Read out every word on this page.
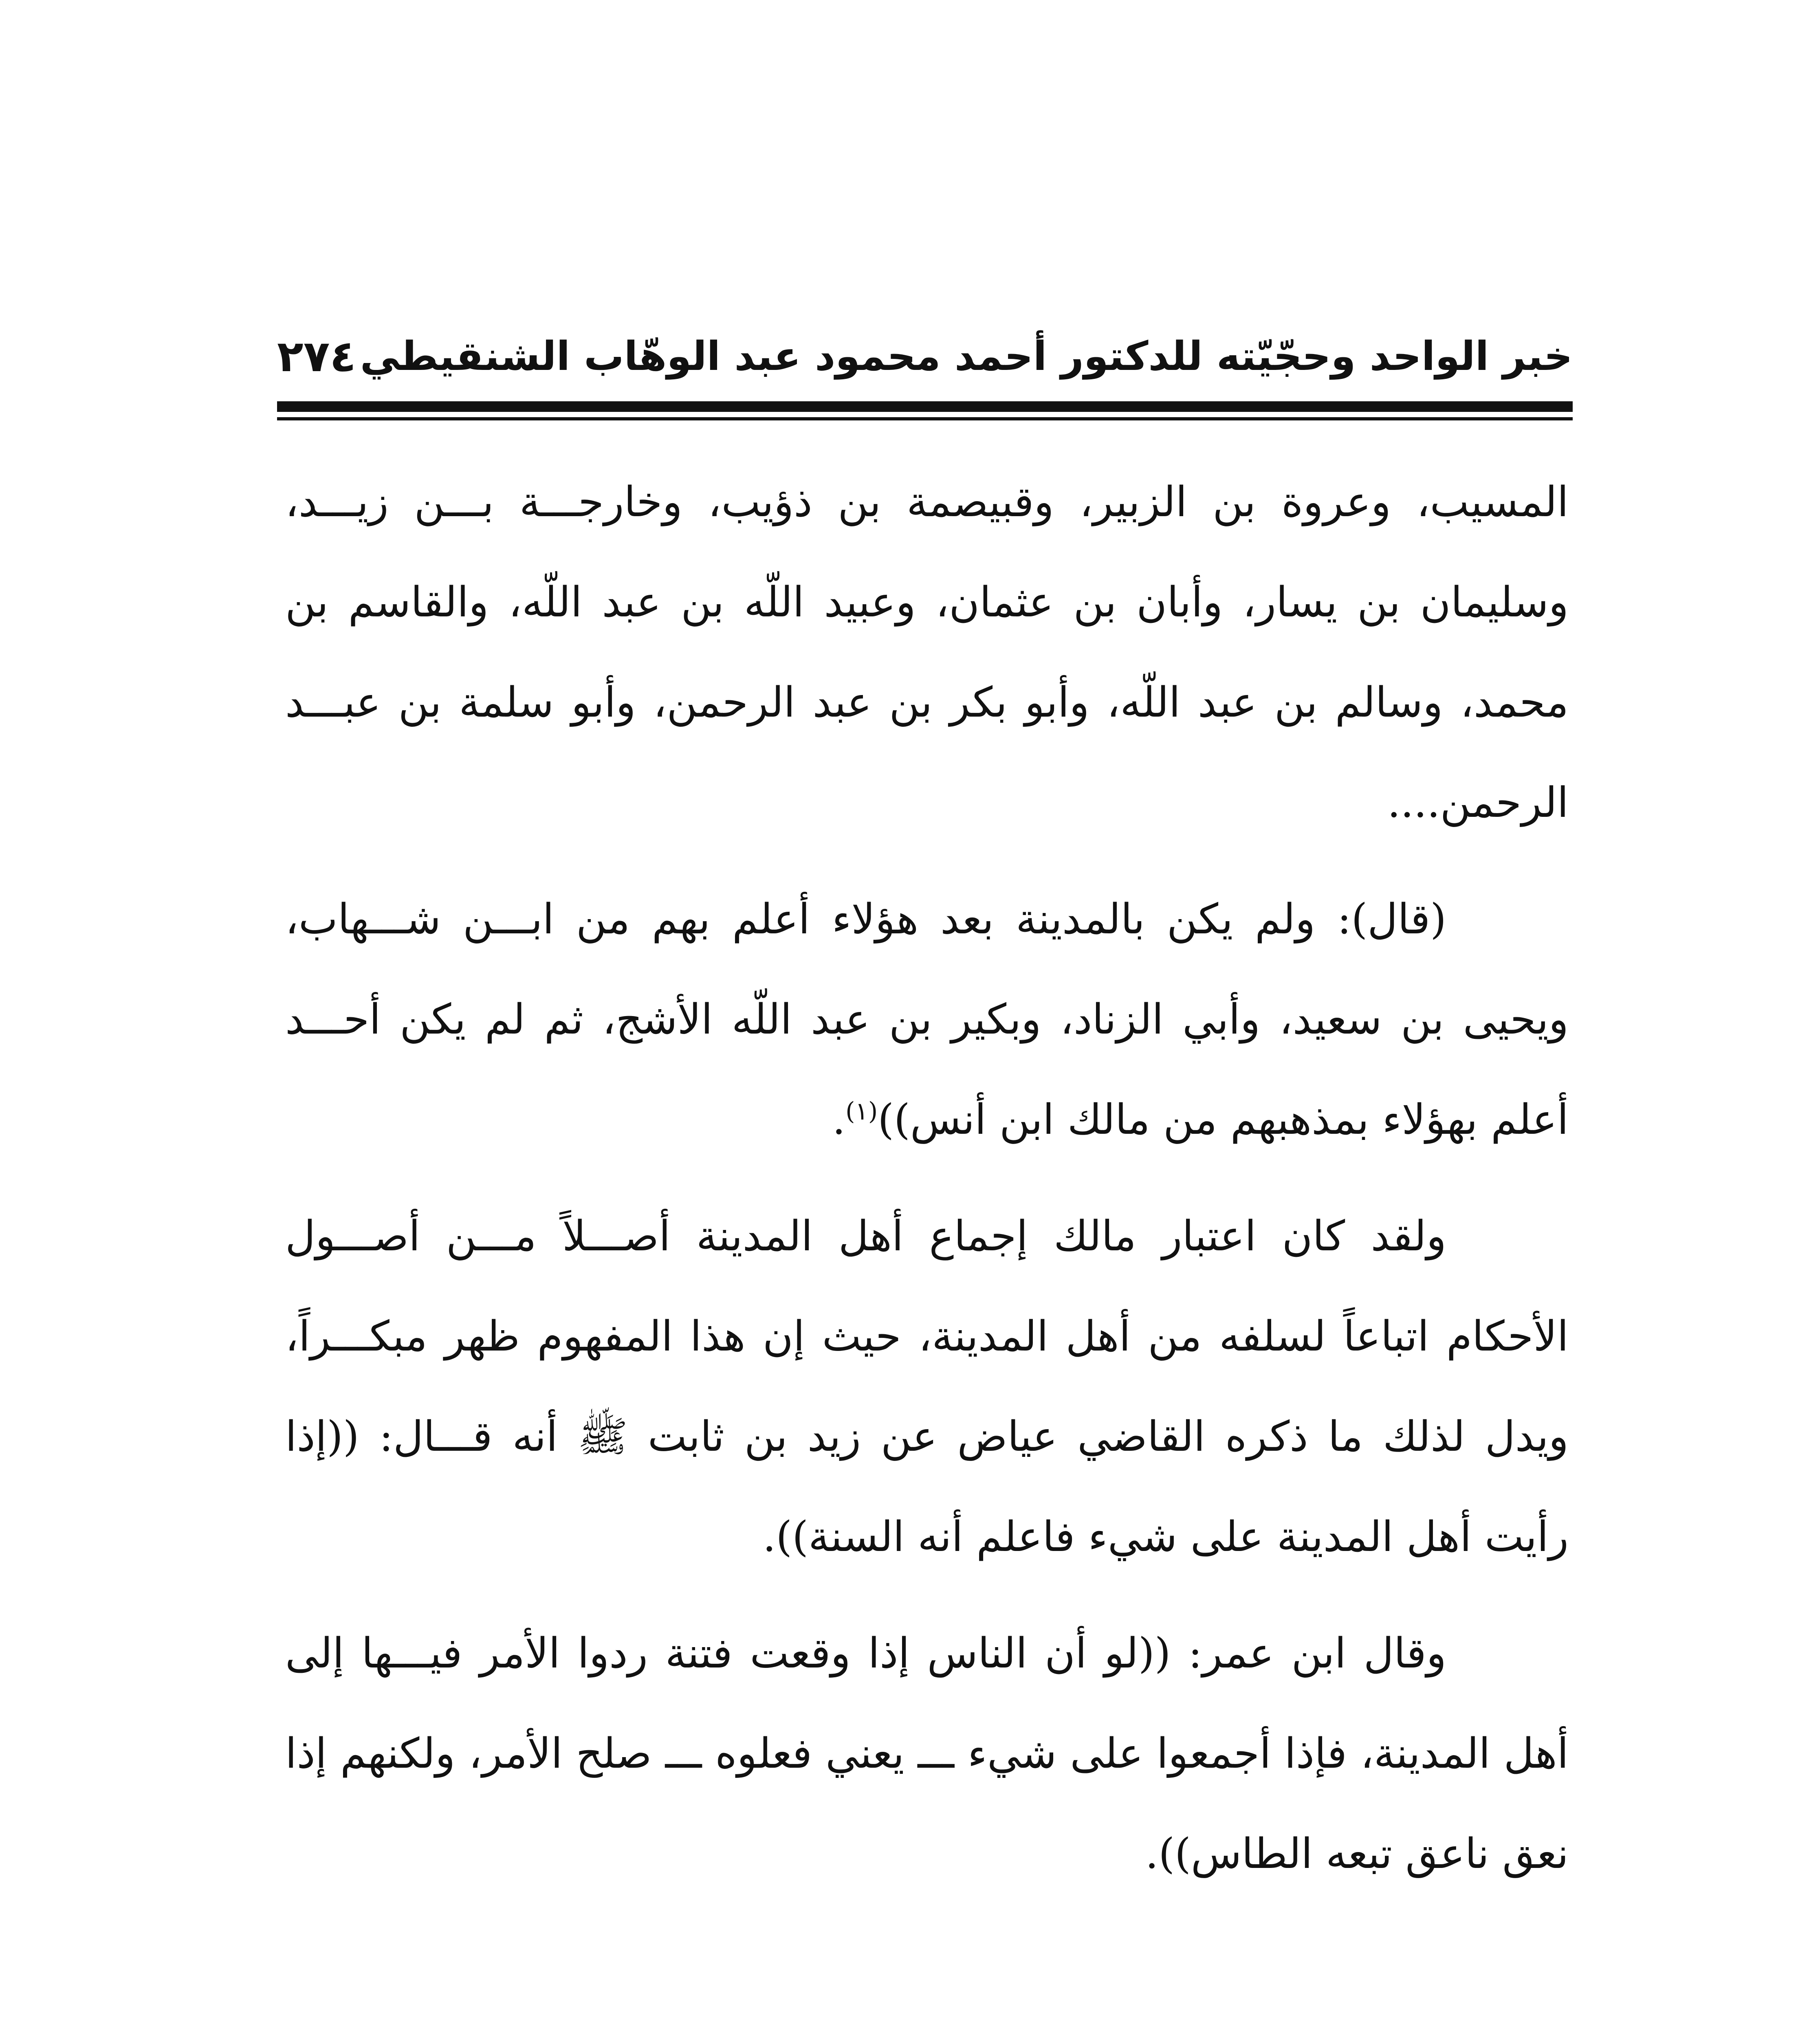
خبر الواحد وحجّيّته للدكتور أحمد محمود عبد الوهّاب الشنقيطي
٢٧٤

المسيب، وعروة بن الزبير، وقبيصمة بن ذؤيب، وخارجـــة بـــن زيـــد، وسليمان بن يسار، وأبان بن عثمان، وعبيد اللّه بن عبد اللّه، والقاسم بن محمد، وسالم بن عبد اللّه، وأبو بكر بن عبد الرحمن، وأبو سلمة بن عبـــد الرحمن....

(قال): ولم يكن بالمدينة بعد هؤلاء أعلم بهم من ابـــن شـــهاب، ويحيى بن سعيد، وأبي الزناد، وبكير بن عبد اللّه الأشج، ثم لم يكن أحـــد أعلم بهؤلاء بمذهبهم من مالك ابن أنس))$^{(١)}$.

ولقد كان اعتبار مالك إجماع أهل المدينة أصـــلاً مـــن أصـــول الأحكام اتباعاً لسلفه من أهل المدينة، حيث إن هذا المفهوم ظهر مبكـــراً، ويدل لذلك ما ذكره القاضي عياض عن زيد بن ثابت ﷺ أنه قـــال: ((إذا رأيت أهل المدينة على شيء فاعلم أنه السنة)).

وقال ابن عمر: ((لو أن الناس إذا وقعت فتنة ردوا الأمر فيـــها إلى أهل المدينة، فإذا أجمعوا على شيء ـــ يعني فعلوه ـــ صلح الأمر، ولكنهم إذا نعق ناعق تبعه الطاس)).
